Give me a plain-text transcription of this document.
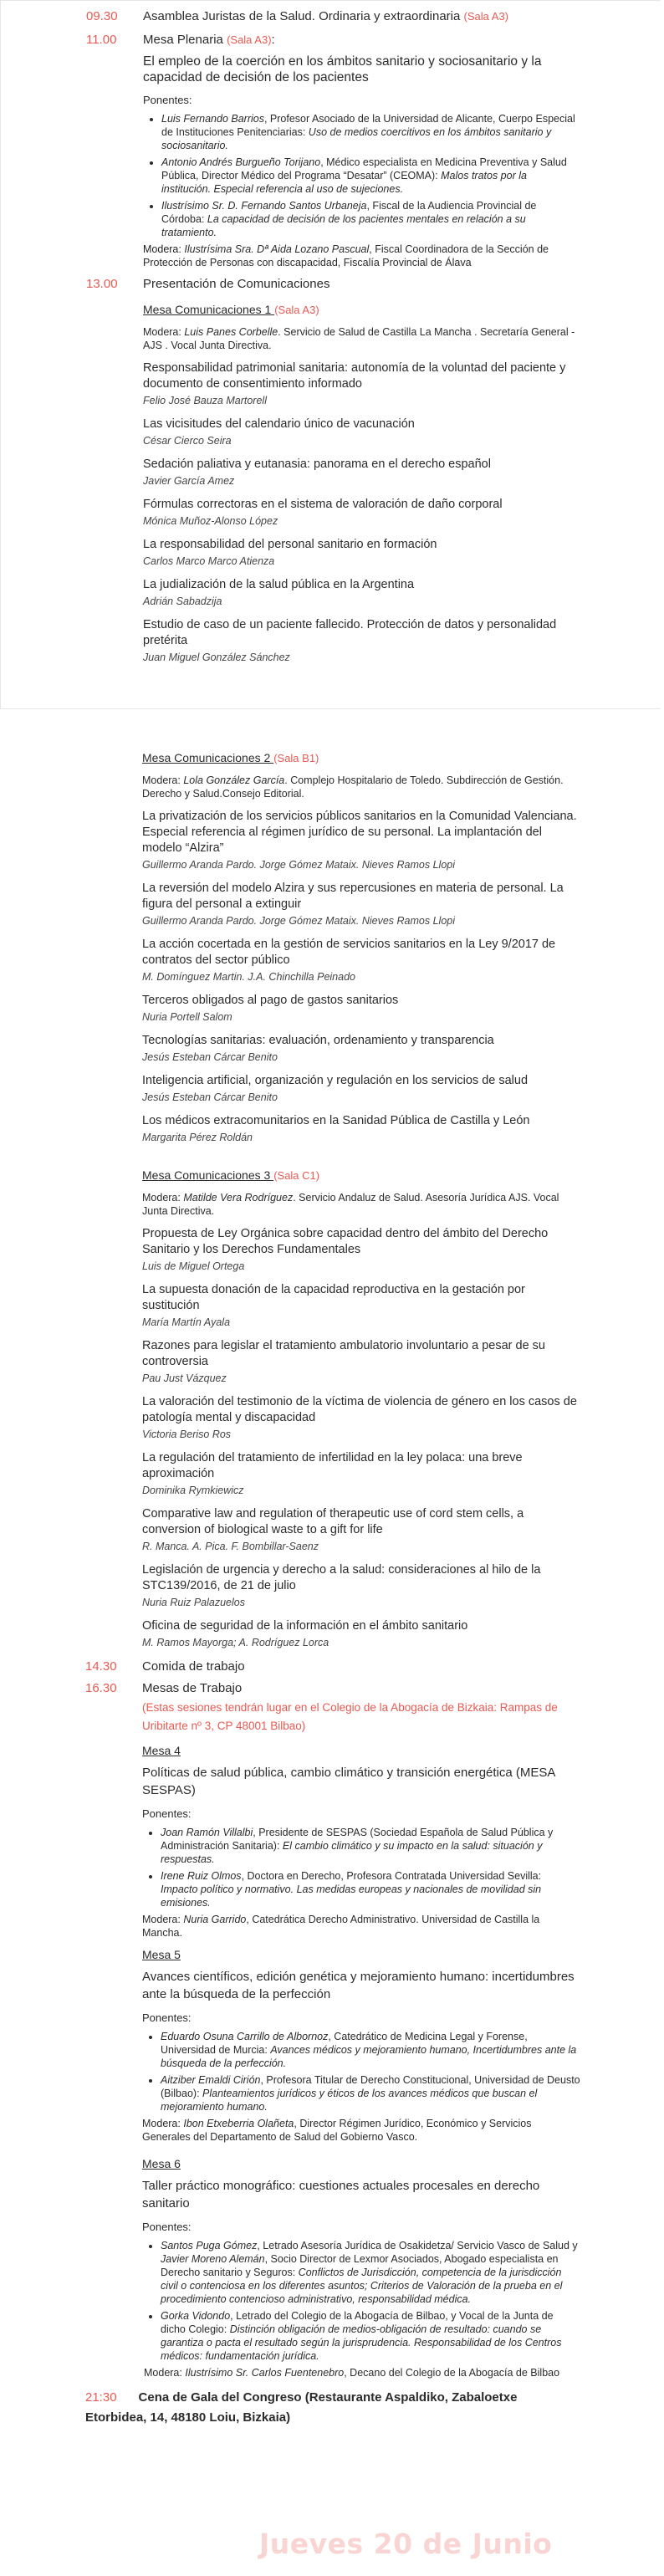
09.30	Asamblea Juristas de la Salud. Ordinaria y extraordinaria (Sala A3)
11.00	Mesa Plenaria (Sala A3):
El empleo de la coerción en los ámbitos sanitario y sociosanitario y la capacidad de decisión de los pacientes
Ponentes:
• Luis Fernando Barrios, Profesor Asociado de la Universidad de Alicante, Cuerpo Especial de Instituciones Penitenciarias: Uso de medios coercitivos en los ámbitos sanitario y sociosanitario.
• Antonio Andrés Burgueño Torijano, Médico especialista en Medicina Preventiva y Salud Pública, Director Médico del Programa “Desatar” (CEOMA): Malos tratos por la institución. Especial referencia al uso de sujeciones.
• Ilustrísimo Sr. D. Fernando Santos Urbaneja, Fiscal de la Audiencia Provincial de Córdoba: La capacidad de decisión de los pacientes mentales en relación a su tratamiento.
Modera: Ilustrísima Sra. Dª Aida Lozano Pascual, Fiscal Coordinadora de la Sección de Protección de Personas con discapacidad, Fiscalía Provincial de Álava
13.00	Presentación de Comunicaciones
Mesa Comunicaciones 1 (Sala A3)
Modera: Luis Panes Corbelle. Servicio de Salud de Castilla La Mancha . Secretaría General - AJS . Vocal Junta Directiva.
Responsabilidad patrimonial sanitaria: autonomía de la voluntad del paciente y documento de consentimiento informado
Felio José Bauza Martorell
Las vicisitudes del calendario único de vacunación
César Cierco Seira
Sedación paliativa y eutanasia: panorama en el derecho español
Javier García Amez
Fórmulas correctoras en el sistema de valoración de daño corporal
Mónica Muñoz-Alonso López
La responsabilidad del personal sanitario en formación
Carlos Marco Marco Atienza
La judialización de la salud pública en la Argentina
Adrián Sabadzija
Estudio de caso de un paciente fallecido. Protección de datos y personalidad pretérita
Juan Miguel González Sánchez
Mesa Comunicaciones 2 (Sala B1)
Modera: Lola González García. Complejo Hospitalario de Toledo. Subdirección de Gestión. Derecho y Salud.Consejo Editorial.
La privatización de los servicios públicos sanitarios en la Comunidad Valenciana. Especial referencia al régimen jurídico de su personal. La implantación del modelo “Alzira”
Guillermo Aranda Pardo. Jorge Gómez Mataix. Nieves Ramos Llopi
La reversión del modelo Alzira y sus repercusiones en materia de personal. La figura del personal a extinguir
Guillermo Aranda Pardo. Jorge Gómez Mataix. Nieves Ramos Llopi
La acción cocertada en la gestión de servicios sanitarios en la Ley 9/2017 de contratos del sector público
M. Domínguez Martin. J.A. Chinchilla Peinado
Terceros obligados al pago de gastos sanitarios
Nuria Portell Salom
Tecnologías sanitarias: evaluación, ordenamiento y transparencia
Jesús Esteban Cárcar Benito
Inteligencia artificial, organización y regulación en los servicios de salud
Jesús Esteban Cárcar Benito
Los médicos extracomunitarios en la Sanidad Pública de Castilla y León
Margarita Pérez Roldán
Mesa Comunicaciones 3 (Sala C1)
Modera: Matilde Vera Rodríguez. Servicio Andaluz de Salud. Asesoría Jurídica AJS. Vocal Junta Directiva.
Propuesta de Ley Orgánica sobre capacidad dentro del ámbito del Derecho Sanitario y los Derechos Fundamentales
Luis de Miguel Ortega
La supuesta donación de la capacidad reproductiva en la gestación por sustitución
María Martín Ayala
Razones para legislar el tratamiento ambulatorio involuntario a pesar de su controversia
Pau Just Vázquez
La valoración del testimonio de la víctima de violencia de género en los casos de patología mental y discapacidad
Victoria Beriso Ros
La regulación del tratamiento de infertilidad en la ley polaca: una breve aproximación
Dominika Rymkiewicz
Comparative law and regulation of therapeutic use of cord stem cells, a conversion of biological waste to a gift for life
R. Manca. A. Pica. F. Bombillar-Saenz
Legislación de urgencia y derecho a la salud: consideraciones al hilo de la STC139/2016, de 21 de julio
Nuria Ruiz Palazuelos
Oficina de seguridad de la información en el ámbito sanitario
M. Ramos Mayorga; A. Rodríguez Lorca
14.30	Comida de trabajo
16.30	Mesas de Trabajo
(Estas sesiones tendrán lugar en el Colegio de la Abogacía de Bizkaia: Rampas de Uribitarte nº 3, CP 48001 Bilbao)
Mesa 4
Políticas de salud pública, cambio climático y transición energética (MESA SESPAS)
Ponentes:
• Joan Ramón Villalbi, Presidente de SESPAS (Sociedad Española de Salud Pública y Administración Sanitaria): El cambio climático y su impacto en la salud: situación y respuestas.
• Irene Ruiz Olmos, Doctora en Derecho, Profesora Contratada Universidad Sevilla: Impacto político y normativo. Las medidas europeas y nacionales de movilidad sin emisiones.
Modera: Nuria Garrido, Catedrática Derecho Administrativo. Universidad de Castilla la Mancha.
Mesa 5
Avances científicos, edición genética y mejoramiento humano: incertidumbres ante la búsqueda de la perfección
Ponentes:
• Eduardo Osuna Carrillo de Albornoz, Catedrático de Medicina Legal y Forense, Universidad de Murcia: Avances médicos y mejoramiento humano, Incertidumbres ante la búsqueda de la perfección.
• Aitziber Emaldi Cirión, Profesora Titular de Derecho Constitucional, Universidad de Deusto (Bilbao): Planteamientos jurídicos y éticos de los avances médicos que buscan el mejoramiento humano.
Modera: Ibon Etxeberria Olañeta, Director Régimen Jurídico, Económico y Servicios Generales del Departamento de Salud del Gobierno Vasco.
Mesa 6
Taller práctico monográfico: cuestiones actuales procesales en derecho sanitario
Ponentes:
• Santos Puga Gómez, Letrado Asesoría Jurídica de Osakidetza/ Servicio Vasco de Salud y Javier Moreno Alemán, Socio Director de Lexmor Asociados, Abogado especialista en Derecho sanitario y Seguros: Conflictos de Jurisdicción, competencia de la jurisdicción civil o contenciosa en los diferentes asuntos; Criterios de Valoración de la prueba en el procedimiento contencioso administrativo, responsabilidad médica.
• Gorka Vidondo, Letrado del Colegio de la Abogacía de Bilbao, y Vocal de la Junta de dicho Colegio: Distinción obligación de medios-obligación de resultado: cuando se garantiza o pacta el resultado según la jurisprudencia. Responsabilidad de los Centros médicos: fundamentación jurídica.
Modera: Ilustrísimo Sr. Carlos Fuentenebro, Decano del Colegio de la Abogacía de Bilbao
21:30 Cena de Gala del Congreso (Restaurante Aspaldiko, Zabaloetxe Etorbidea, 14, 48180 Loiu, Bizkaia)
Jueves 20 de Junio
